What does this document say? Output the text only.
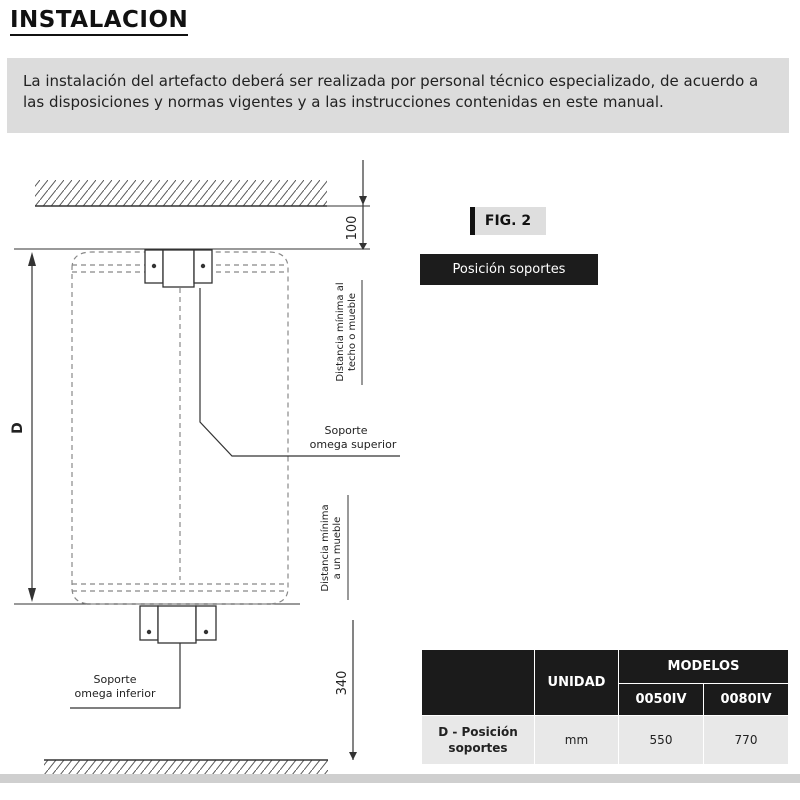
INSTALACION
La instalación del artefacto deberá ser realizada por personal técnico especializado, de acuerdo a
las disposiciones y normas vigentes y a las instrucciones contenidas en este manual.
D
100
340
Distancia mínima al techo o mueble
Distancia mínima a un mueble
Soporte
omega superior
Soporte
omega inferior
FIG. 2
Posición soportes
	UNIDAD	MODELOS	
		0050IV	0080IV

D - Posición
soportes	mm	550	770
